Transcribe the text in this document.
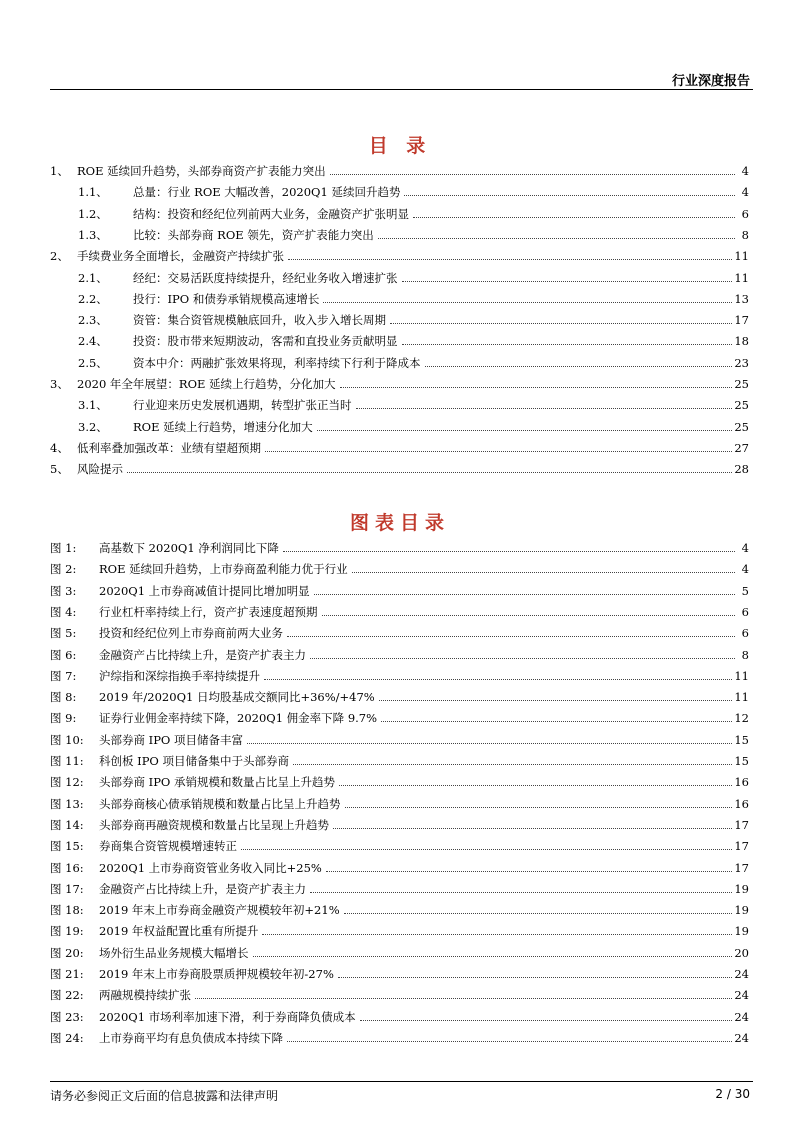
行业深度报告
目 录
1、 ROE 延续回升趋势，头部券商资产扩表能力突出	4
1.1、 总量：行业 ROE 大幅改善，2020Q1 延续回升趋势	4
1.2、 结构：投资和经纪位列前两大业务，金融资产扩张明显	6
1.3、 比较：头部券商 ROE 领先，资产扩表能力突出	8
2、 手续费业务全面增长，金融资产持续扩张	11
2.1、 经纪：交易活跃度持续提升，经纪业务收入增速扩张	11
2.2、 投行：IPO 和债券承销规模高速增长	13
2.3、 资管：集合资管规模触底回升，收入步入增长周期	17
2.4、 投资：股市带来短期波动，客需和直投业务贡献明显	18
2.5、 资本中介：两融扩张效果将现，利率持续下行利于降成本	23
3、 2020 年全年展望：ROE 延续上行趋势，分化加大	25
3.1、 行业迎来历史发展机遇期，转型扩张正当时	25
3.2、 ROE 延续上行趋势，增速分化加大	25
4、 低利率叠加强改革：业绩有望超预期	27
5、 风险提示	28
图表目录
图 1: 高基数下 2020Q1 净利润同比下降	4
图 2: ROE 延续回升趋势，上市券商盈利能力优于行业	4
图 3: 2020Q1 上市券商减值计提同比增加明显	5
图 4: 行业杠杆率持续上行，资产扩表速度超预期	6
图 5: 投资和经纪位列上市券商前两大业务	6
图 6: 金融资产占比持续上升，是资产扩表主力	8
图 7: 沪综指和深综指换手率持续提升	11
图 8: 2019 年/2020Q1 日均股基成交额同比+36%/+47%	11
图 9: 证券行业佣金率持续下降，2020Q1 佣金率下降 9.7%	12
图 10: 头部券商 IPO 项目储备丰富	15
图 11: 科创板 IPO 项目储备集中于头部券商	15
图 12: 头部券商 IPO 承销规模和数量占比呈上升趋势	16
图 13: 头部券商核心债承销规模和数量占比呈上升趋势	16
图 14: 头部券商再融资规模和数量占比呈现上升趋势	17
图 15: 券商集合资管规模增速转正	17
图 16: 2020Q1 上市券商资管业务收入同比+25%	17
图 17: 金融资产占比持续上升，是资产扩表主力	19
图 18: 2019 年末上市券商金融资产规模较年初+21%	19
图 19: 2019 年权益配置比重有所提升	19
图 20: 场外衍生品业务规模大幅增长	20
图 21: 2019 年末上市券商股票质押规模较年初-27%	24
图 22: 两融规模持续扩张	24
图 23: 2020Q1 市场利率加速下滑，利于券商降负债成本	24
图 24: 上市券商平均有息负债成本持续下降	24
请务必参阅正文后面的信息披露和法律声明	2 / 30
